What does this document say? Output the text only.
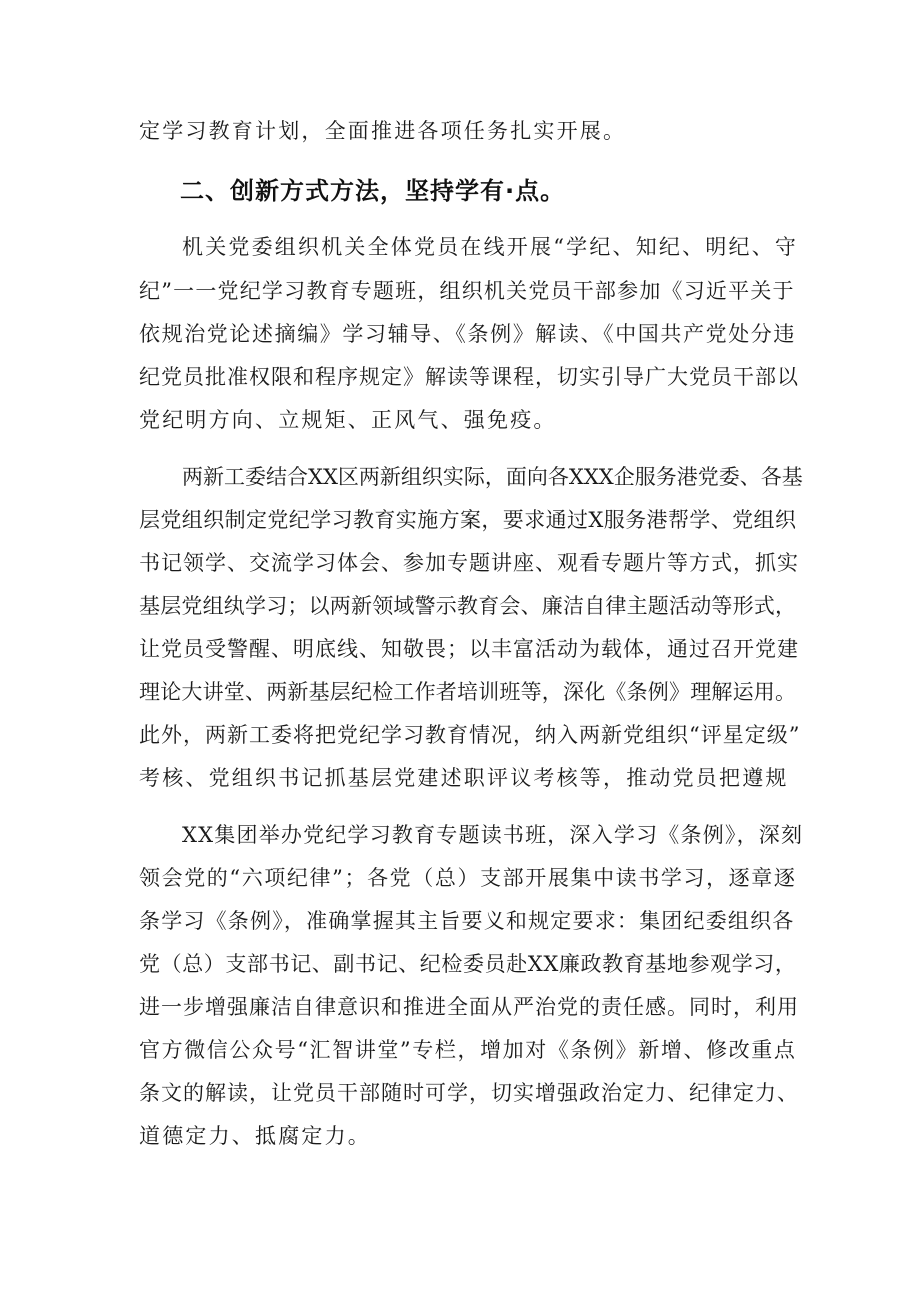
定学习教育计划，全面推进各项任务扎实开展。
二、创新方式方法，坚持学有·点。
机关党委组织机关全体党员在线开展“学纪、知纪、明纪、守
纪”一一党纪学习教育专题班，组织机关党员干部参加《习近平关于
依规治党论述摘编》学习辅导、《条例》解读、《中国共产党处分违
纪党员批准权限和程序规定》解读等课程，切实引导广大党员干部以
党纪明方向、立规矩、正风气、强免疫。
两新工委结合XX区两新组织实际，面向各XXX企服务港党委、各基
层党组织制定党纪学习教育实施方案，要求通过X服务港帮学、党组织
书记领学、交流学习体会、参加专题讲座、观看专题片等方式，抓实
基层党组纨学习；以两新领域警示教育会、廉洁自律主题活动等形式，
让党员受警醒、明底线、知敬畏；以丰富活动为载体，通过召开党建
理论大讲堂、两新基层纪检工作者培训班等，深化《条例》理解运用。
此外，两新工委将把党纪学习教育情况，纳入两新党组织“评星定级”
考核、党组织书记抓基层党建述职评议考核等，推动党员把遵规
XX集团举办党纪学习教育专题读书班，深入学习《条例》，深刻
领会党的“六项纪律”；各党（总）支部开展集中读书学习，逐章逐
条学习《条例》，准确掌握其主旨要义和规定要求：集团纪委组织各
党（总）支部书记、副书记、纪检委员赴XX廉政教育基地参观学习，
进一步增强廉洁自律意识和推进全面从严治党的责任感。同时，利用
官方微信公众号“汇智讲堂”专栏，增加对《条例》新增、修改重点
条文的解读，让党员干部随时可学，切实增强政治定力、纪律定力、
道德定力、抵腐定力。
